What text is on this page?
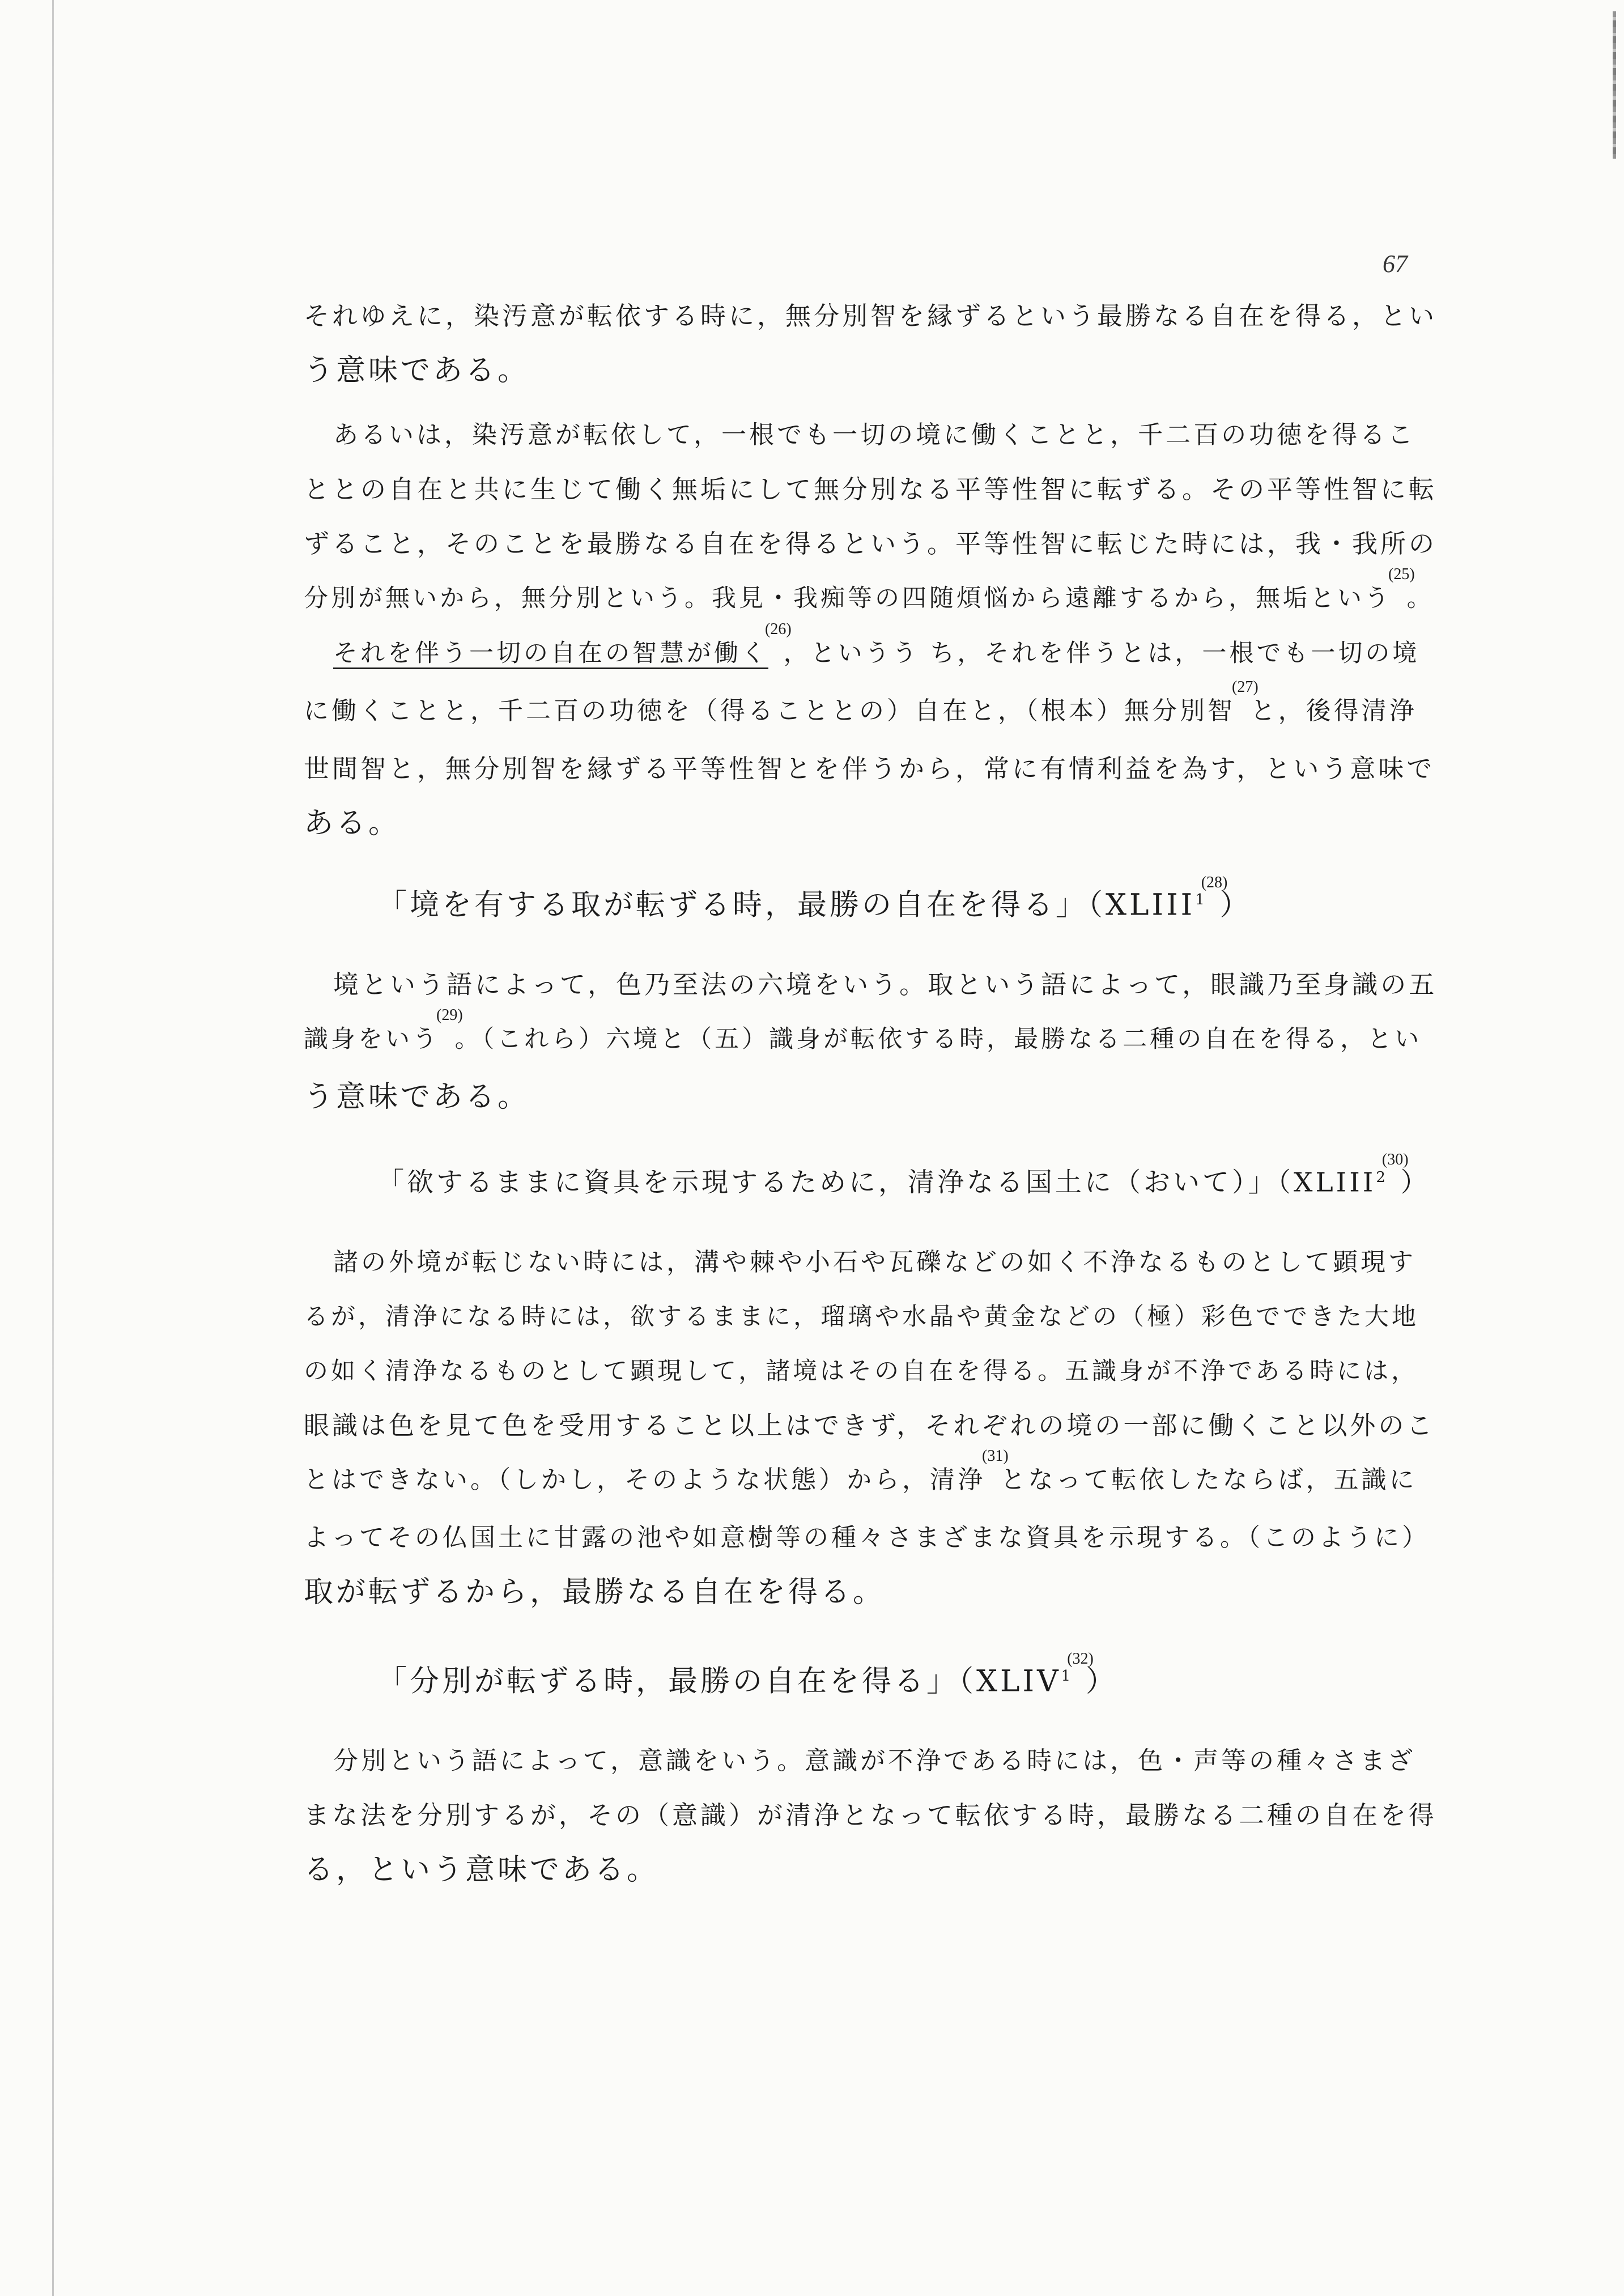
67
それゆえに，染汚意が転依する時に，無分別智を縁ずるという最勝なる自在を得る，とい
う意味である。
あるいは，染汚意が転依して，一根でも一切の境に働くことと，千二百の功徳を得るこ
ととの自在と共に生じて働く無垢にして無分別なる平等性智に転ずる。その平等性智に転
ずること，そのことを最勝なる自在を得るという。平等性智に転じた時には，我・我所の
分別が無いから，無分別という。我見・我痴等の四随煩悩から遠離するから，無垢という$^{(25)}$。
それを伴う一切の自在の智慧が働く$^{(26)}$，というう ち，それを伴うとは，一根でも一切の境
に働くことと，千二百の功徳を（得ることとの）自在と，（根本）無分別智$^{(27)}$と，後得清浄
世間智と，無分別智を縁ずる平等性智とを伴うから，常に有情利益を為す，という意味で
ある。
「境を有する取が転ずる時，最勝の自在を得る」（XLIII$^{1(28)}$）
境という語によって，色乃至法の六境をいう。取という語によって，眼識乃至身識の五
識身をいう$^{(29)}$。（これら）六境と（五）識身が転依する時，最勝なる二種の自在を得る，とい
う意味である。
「欲するままに資具を示現するために，清浄なる国土に（おいて）」（XLIII$^{2(30)}$）
諸の外境が転じない時には，溝や棘や小石や瓦礫などの如く不浄なるものとして顕現す
るが，清浄になる時には，欲するままに，瑠璃や水晶や黄金などの（極）彩色でできた大地
の如く清浄なるものとして顕現して，諸境はその自在を得る。五識身が不浄である時には，
眼識は色を見て色を受用すること以上はできず，それぞれの境の一部に働くこと以外のこ
とはできない。（しかし，そのような状態）から，清浄$^{(31)}$となって転依したならば，五識に
よってその仏国土に甘露の池や如意樹等の種々さまざまな資具を示現する。（このように）
取が転ずるから，最勝なる自在を得る。
「分別が転ずる時，最勝の自在を得る」（XLIV$^{1(32)}$）
分別という語によって，意識をいう。意識が不浄である時には，色・声等の種々さまざ
まな法を分別するが，その（意識）が清浄となって転依する時，最勝なる二種の自在を得
る，という意味である。
